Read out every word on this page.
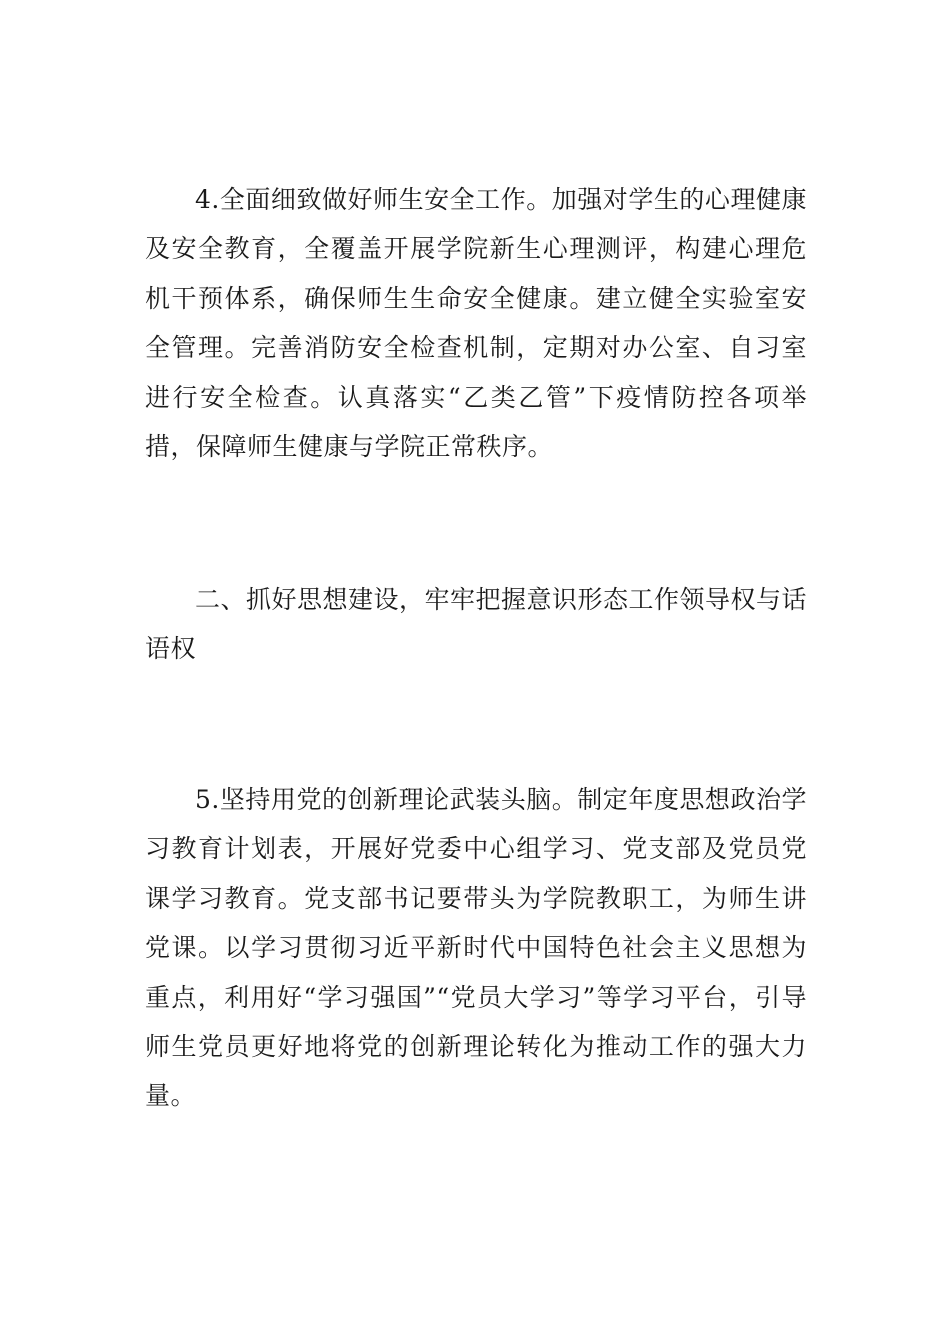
4.全面细致做好师生安全工作。加强对学生的心理健康及安全教育，全覆盖开展学院新生心理测评，构建心理危机干预体系，确保师生生命安全健康。建立健全实验室安全管理。完善消防安全检查机制，定期对办公室、自习室进行安全检查。认真落实“乙类乙管”下疫情防控各项举措，保障师生健康与学院正常秩序。

二、抓好思想建设，牢牢把握意识形态工作领导权与话语权

5.坚持用党的创新理论武装头脑。制定年度思想政治学习教育计划表，开展好党委中心组学习、党支部及党员党课学习教育。党支部书记要带头为学院教职工，为师生讲党课。以学习贯彻习近平新时代中国特色社会主义思想为重点，利用好“学习强国”“党员大学习”等学习平台，引导师生党员更好地将党的创新理论转化为推动工作的强大力量。
